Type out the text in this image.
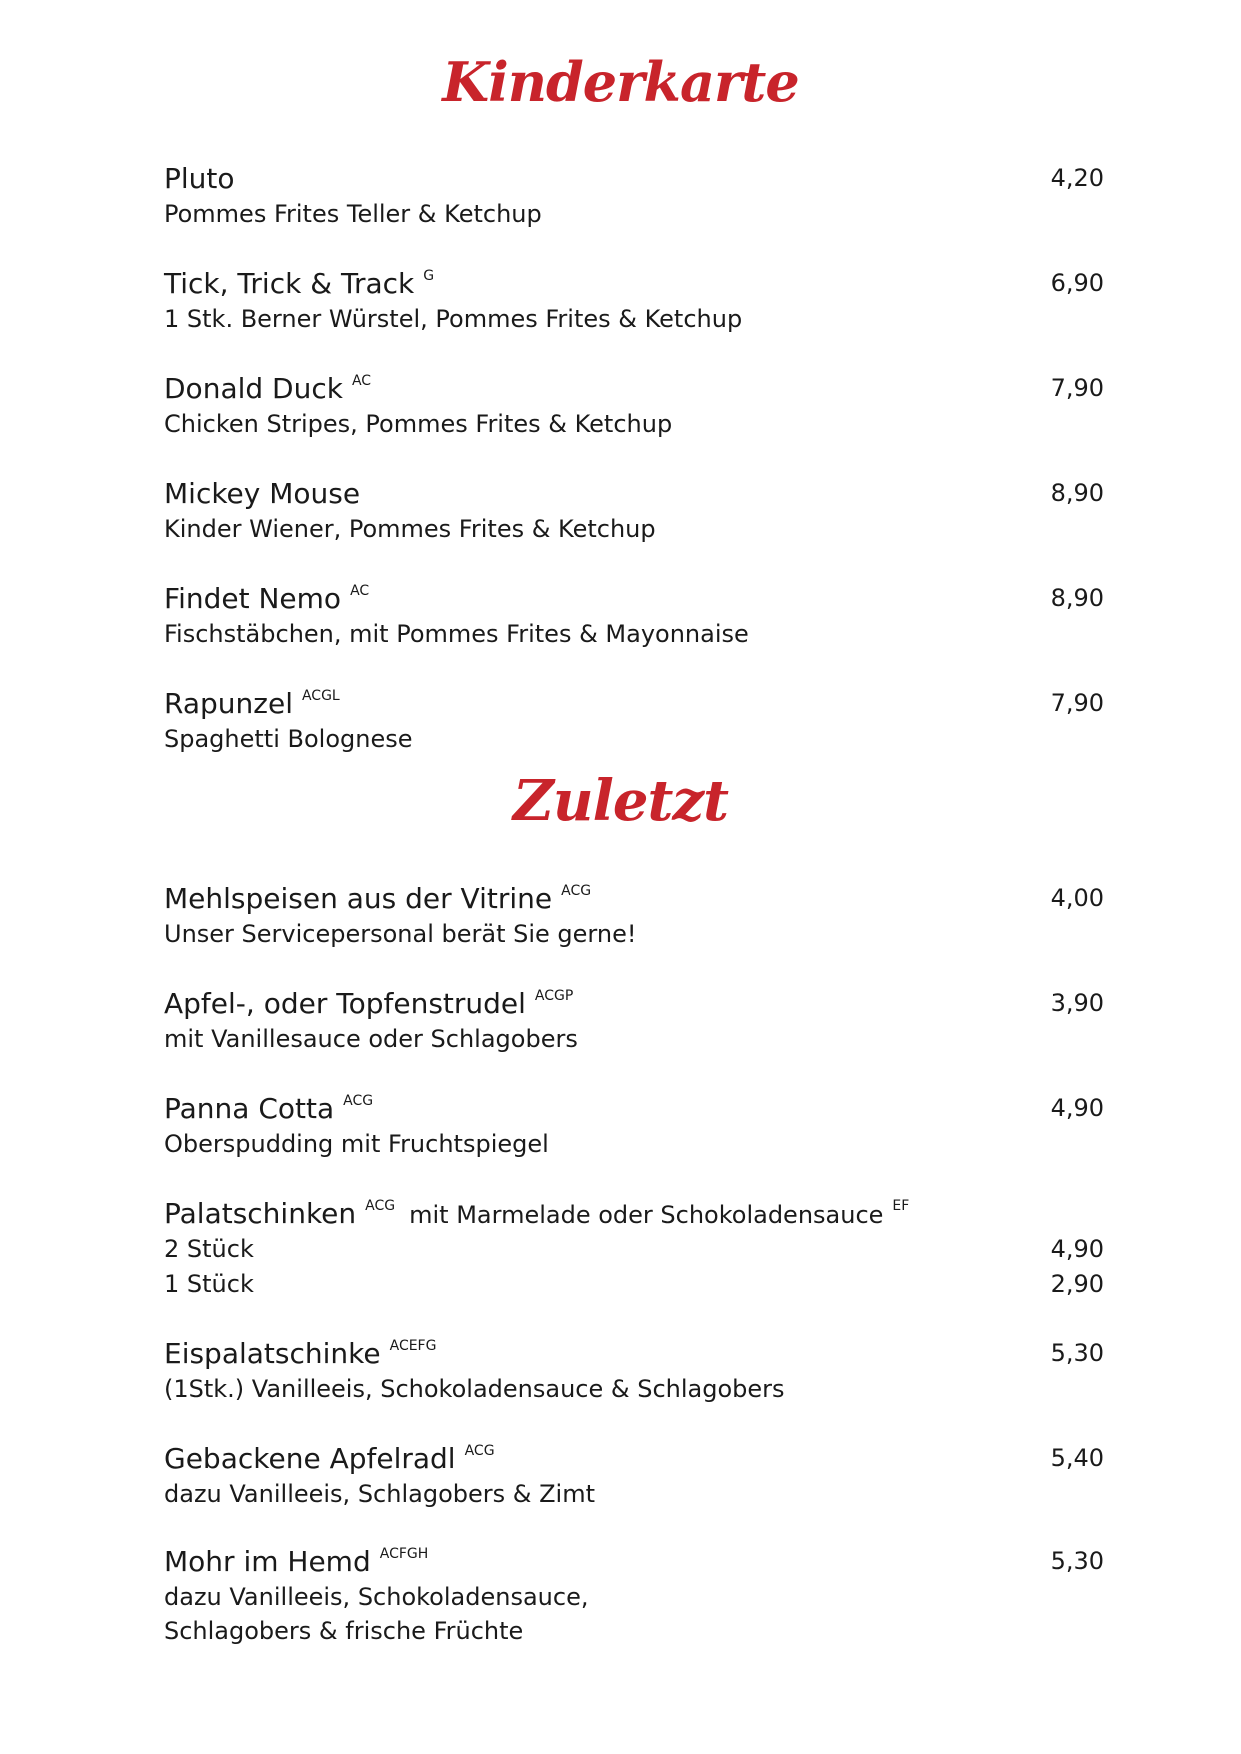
Kinderkarte
Pluto	4,20
Pommes Frites Teller & Ketchup
Tick, Trick & Track G	6,90
1 Stk. Berner Würstel, Pommes Frites & Ketchup
Donald Duck AC	7,90
Chicken Stripes, Pommes Frites & Ketchup
Mickey Mouse	8,90
Kinder Wiener, Pommes Frites & Ketchup
Findet Nemo AC	8,90
Fischstäbchen, mit Pommes Frites & Mayonnaise
Rapunzel ACGL	7,90
Spaghetti Bolognese
Zuletzt
Mehlspeisen aus der Vitrine ACG	4,00
Unser Servicepersonal berät Sie gerne!
Apfel-, oder Topfenstrudel ACGP	3,90
mit Vanillesauce oder Schlagobers
Panna Cotta ACG	4,90
Oberspudding mit Fruchtspiegel
Palatschinken ACG mit Marmelade oder Schokoladensauce EF
2 Stück	4,90
1 Stück	2,90
Eispalatschinke ACEFG	5,30
(1Stk.) Vanilleeis, Schokoladensauce & Schlagobers
Gebackene Apfelradl ACG	5,40
dazu Vanilleeis, Schlagobers & Zimt
Mohr im Hemd ACFGH	5,30
dazu Vanilleeis, Schokoladensauce,
Schlagobers & frische Früchte
